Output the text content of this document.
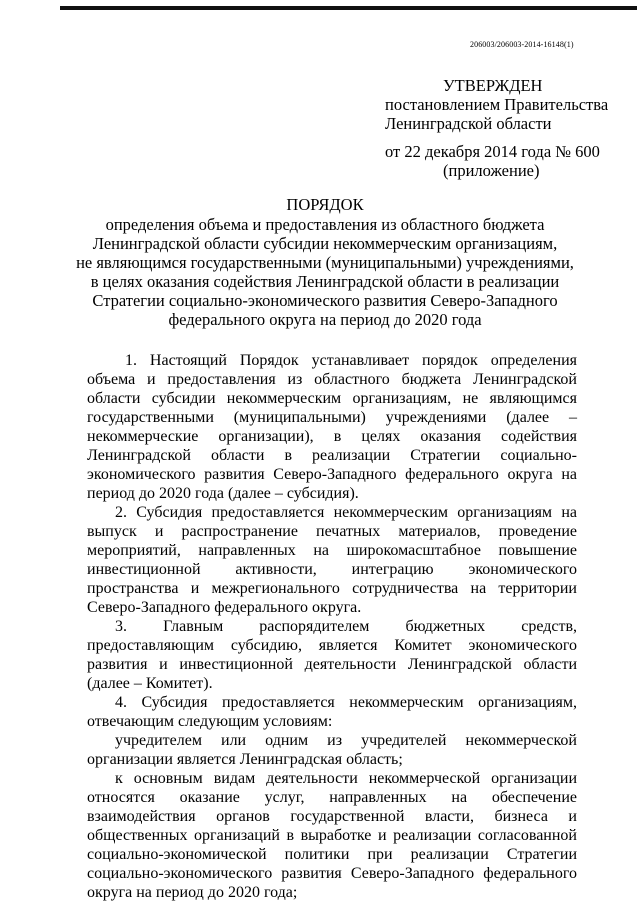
206003/206003-2014-16148(1)
УТВЕРЖДЕН
постановлением Правительства
Ленинградской области
от 22 декабря 2014 года № 600
(приложение)
ПОРЯДОК
определения объема и предоставления из областного бюджета
Ленинградской области субсидии некоммерческим организациям,
не являющимся государственными (муниципальными) учреждениями,
в целях оказания содействия Ленинградской области в реализации
Стратегии социально-экономического развития Северо-Западного
федерального округа на период до 2020 года

1. Настоящий Порядок устанавливает порядок определения объема и предоставления из областного бюджета Ленинградской области субсидии некоммерческим организациям, не являющимся государственными (муниципальными) учреждениями (далее – некоммерческие организации), в целях оказания содействия Ленинградской области в реализации Стратегии социально-экономического развития Северо-Западного федерального округа на период до 2020 года (далее – субсидия).

2. Субсидия предоставляется некоммерческим организациям на выпуск и распространение печатных материалов, проведение мероприятий, направленных на широкомасштабное повышение инвестиционной активности, интеграцию экономического пространства и межрегионального сотрудничества на территории Северо-Западного федерального округа.

3. Главным распорядителем бюджетных средств, предоставляющим субсидию, является Комитет экономического развития и инвестиционной деятельности Ленинградской области (далее – Комитет).

4. Субсидия предоставляется некоммерческим организациям, отвечающим следующим условиям:

учредителем или одним из учредителей некоммерческой организации является Ленинградская область;

к основным видам деятельности некоммерческой организации относятся оказание услуг, направленных на обеспечение взаимодействия органов государственной власти, бизнеса и общественных организаций в выработке и реализации согласованной социально-экономической политики при реализации Стратегии социально-экономического развития Северо-Западного федерального округа на период до 2020 года;
